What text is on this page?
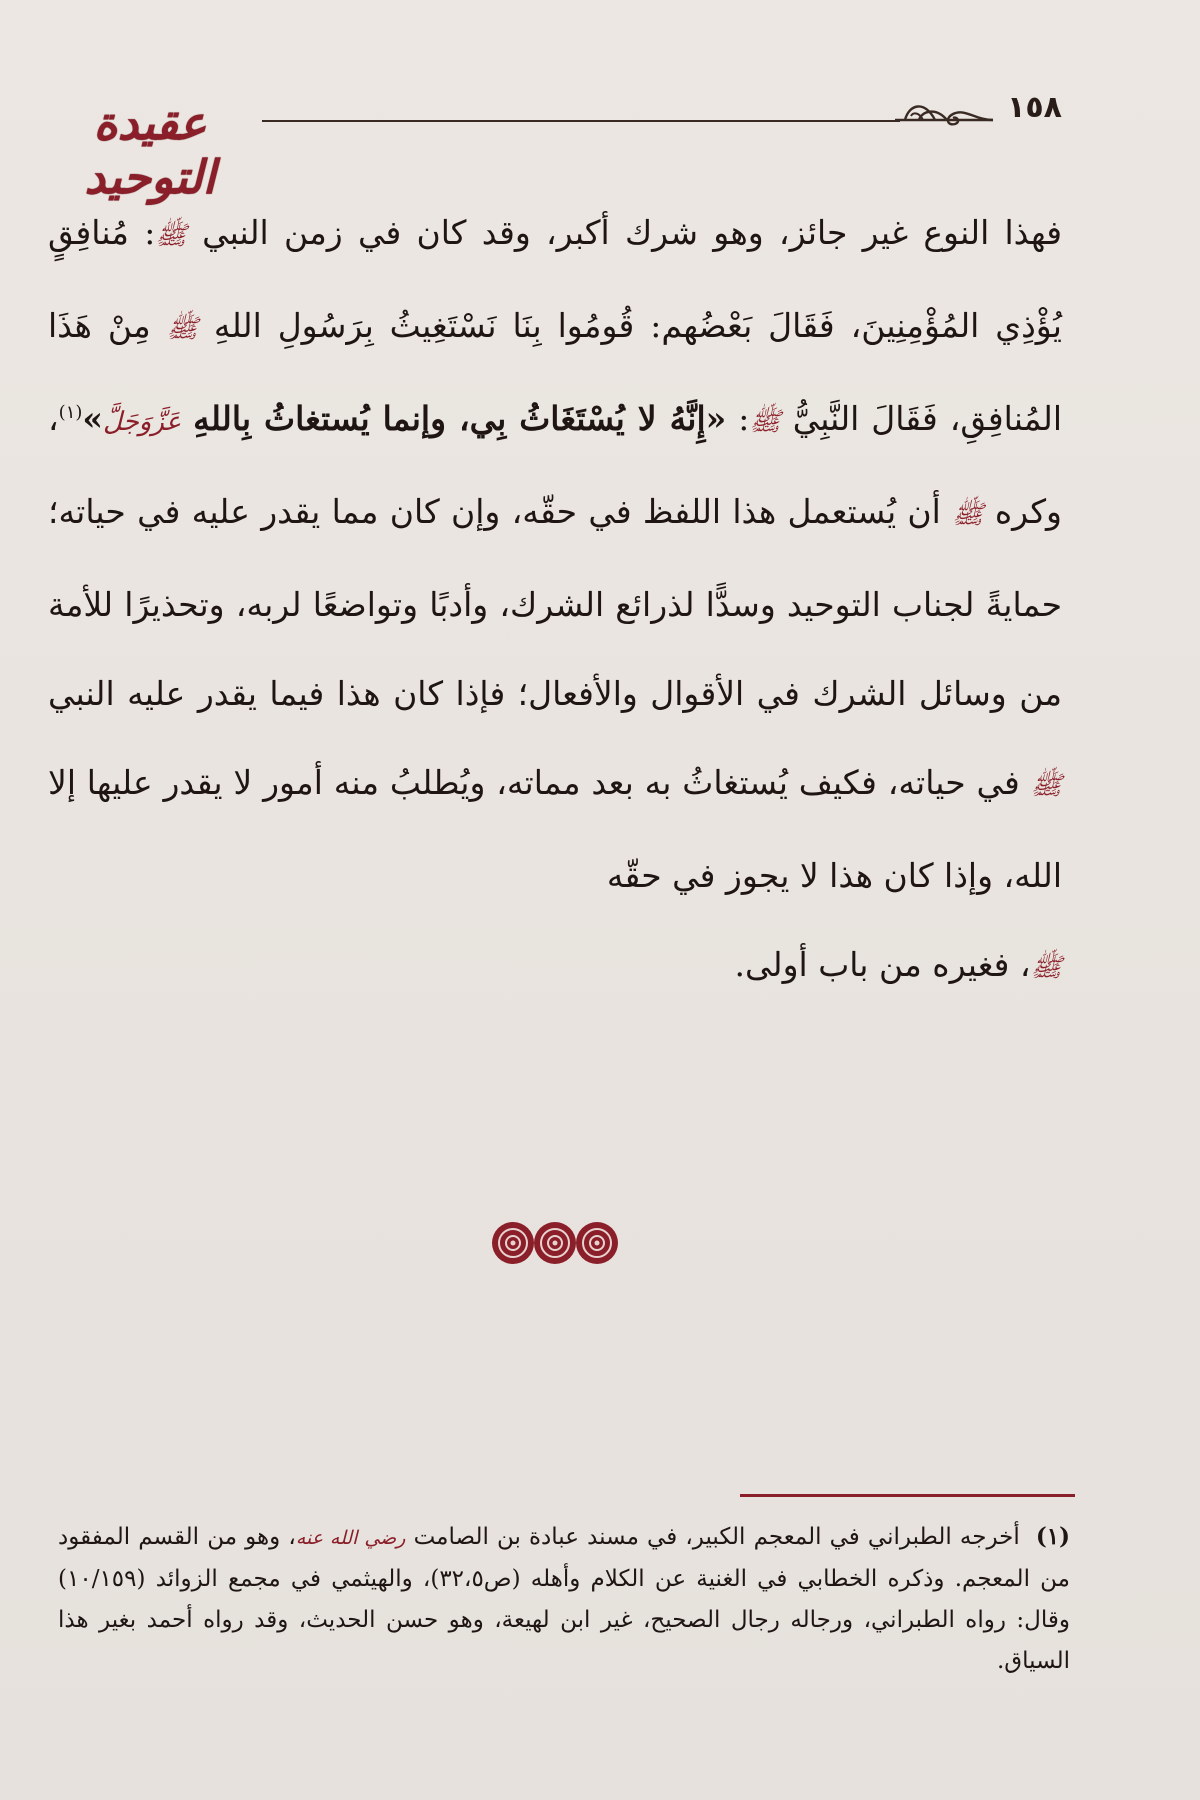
١٥٨
عقيدة التوحيد

فهذا النوع غير جائز، وهو شرك أكبر، وقد كان في زمن النبي ﷺ: مُنافِقٍ يُؤْذِي المُؤْمِنِينَ، فَقَالَ بَعْضُهم: قُومُوا بِنَا نَسْتَغِيثُ بِرَسُولِ اللهِ ﷺ مِنْ هَذَا المُنافِقِ، فَقَالَ النَّبِيُّ ﷺ: «إِنَّهُ لا يُسْتَغَاثُ بِي، وإنما يُستغاثُ بِاللهِ عَزَّوَجَلَّ»$^{(١)}$، وكره ﷺ أن يُستعمل هذا اللفظ في حقّه، وإن كان مما يقدر عليه في حياته؛ حمايةً لجناب التوحيد وسدًّا لذرائع الشرك، وأدبًا وتواضعًا لربه، وتحذيرًا للأمة من وسائل الشرك في الأقوال والأفعال؛ فإذا كان هذا فيما يقدر عليه النبي ﷺ في حياته، فكيف يُستغاثُ به بعد مماته، ويُطلبُ منه أمور لا يقدر عليها إلا الله، وإذا كان هذا لا يجوز في حقّه
ﷺ، فغيره من باب أولى.

(١) أخرجه الطبراني في المعجم الكبير، في مسند عبادة بن الصامت رضي الله عنه، وهو من القسم المفقود من المعجم. وذكره الخطابي في الغنية عن الكلام وأهله (ص٣٢،٥)، والهيثمي في مجمع الزوائد (١٠/١٥٩) وقال: رواه الطبراني، ورجاله رجال الصحيح، غير ابن لهيعة، وهو حسن الحديث، وقد رواه أحمد بغير هذا السياق.
